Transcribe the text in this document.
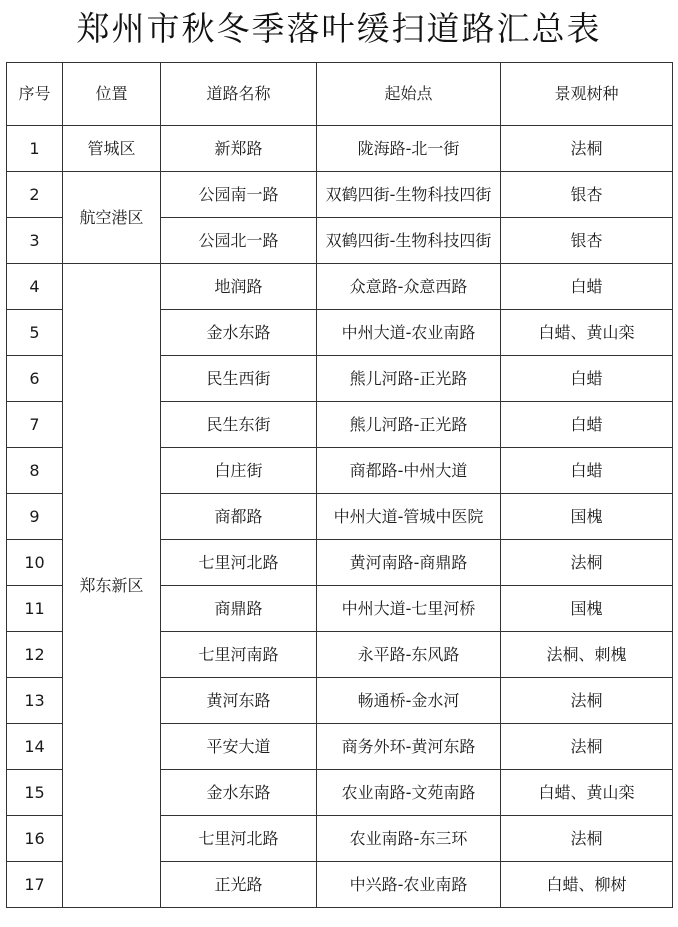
郑州市秋冬季落叶缓扫道路汇总表
序号	位置	道路名称	起始点	景观树种
1	管城区	新郑路	陇海路-北一街	法桐
2	航空港区	公园南一路	双鹤四街-生物科技四街	银杏
3		公园北一路	双鹤四街-生物科技四街	银杏
4	郑东新区	地润路	众意路-众意西路	白蜡
5		金水东路	中州大道-农业南路	白蜡、黄山栾
6		民生西街	熊儿河路-正光路	白蜡
7		民生东街	熊儿河路-正光路	白蜡
8		白庄街	商都路-中州大道	白蜡
9		商都路	中州大道-管城中医院	国槐
10		七里河北路	黄河南路-商鼎路	法桐
11		商鼎路	中州大道-七里河桥	国槐
12		七里河南路	永平路-东风路	法桐、刺槐
13		黄河东路	畅通桥-金水河	法桐
14		平安大道	商务外环-黄河东路	法桐
15		金水东路	农业南路-文苑南路	白蜡、黄山栾
16		七里河北路	农业南路-东三环	法桐
17		正光路	中兴路-农业南路	白蜡、柳树
